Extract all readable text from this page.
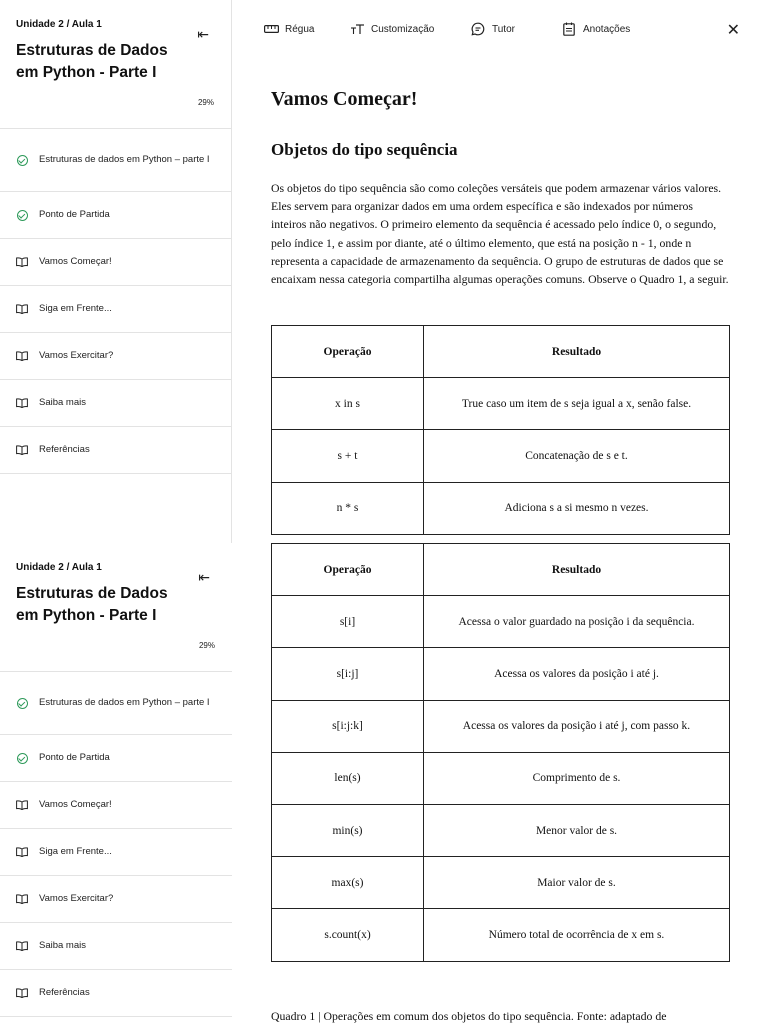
Unidade 2 / Aula 1
Estruturas de Dados em Python - Parte I
⇤
29%
Estruturas de dados em Python – parte I
Ponto de Partida
Vamos Começar!
Siga em Frente...
Vamos Exercitar?
Saiba mais
Referências
Unidade 2 / Aula 1
Estruturas de Dados em Python - Parte I
⇤
29%
Estruturas de dados em Python – parte I
Ponto de Partida
Vamos Começar!
Siga em Frente...
Vamos Exercitar?
Saiba mais
Referências
Régua	Customização	Tutor	Anotações	✕
Vamos Começar!
Objetos do tipo sequência

Os objetos do tipo sequência são como coleções versáteis que podem armazenar vários valores. Eles servem para organizar dados em uma ordem específica e são indexados por números inteiros não negativos. O primeiro elemento da sequência é acessado pelo índice 0, o segundo, pelo índice 1, e assim por diante, até o último elemento, que está na posição n - 1, onde n representa a capacidade de armazenamento da sequência. O grupo de estruturas de dados que se encaixam nessa categoria compartilha algumas operações comuns. Observe o Quadro 1, a seguir.

Operação	Resultado
x in s	True caso um item de s seja igual a x, senão false.
s + t	Concatenação de s e t.
n * s	Adiciona s a si mesmo n vezes.
Operação	Resultado
s[i]	Acessa o valor guardado na posição i da sequência.
s[i:j]	Acessa os valores da posição i até j.
s[i:j:k]	Acessa os valores da posição i até j, com passo k.
len(s)	Comprimento de s.
min(s)	Menor valor de s.
max(s)	Maior valor de s.
s.count(x)	Número total de ocorrência de x em s.
Quadro 1 | Operações em comum dos objetos do tipo sequência. Fonte: adaptado de
